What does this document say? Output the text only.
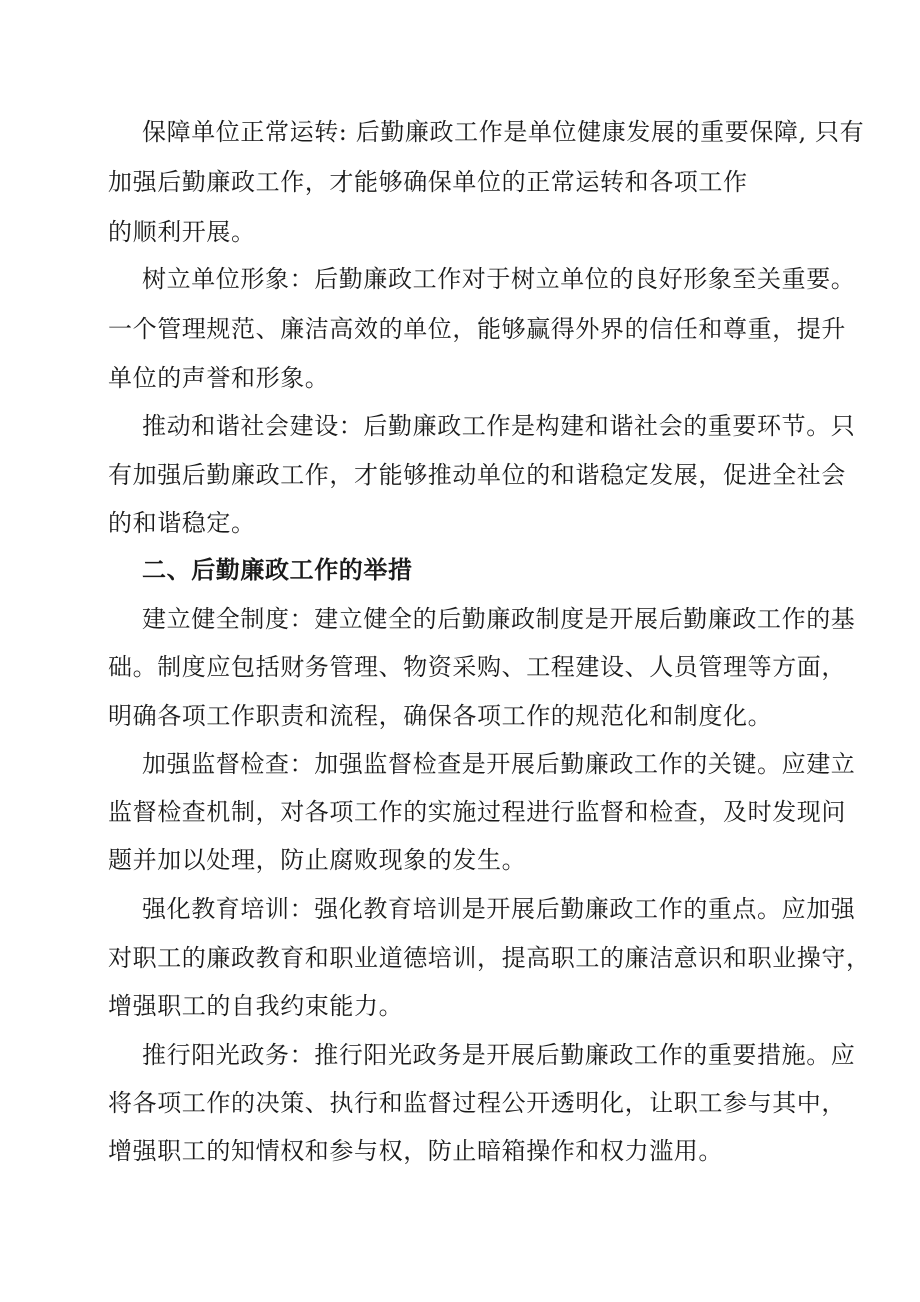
保障单位正常运转: 后勤廉政工作是单位健康发展的重要保障, 只有
加强后勤廉政工作，才能够确保单位的正常运转和各项工作
的顺利开展。
树立单位形象：后勤廉政工作对于树立单位的良好形象至关重要。
一个管理规范、廉洁高效的单位，能够赢得外界的信任和尊重，提升
单位的声誉和形象。
推动和谐社会建设：后勤廉政工作是构建和谐社会的重要环节。只
有加强后勤廉政工作，才能够推动单位的和谐稳定发展，促进全社会
的和谐稳定。
二、后勤廉政工作的举措
建立健全制度：建立健全的后勤廉政制度是开展后勤廉政工作的基
础。制度应包括财务管理、物资采购、工程建设、人员管理等方面，
明确各项工作职责和流程，确保各项工作的规范化和制度化。
加强监督检查：加强监督检查是开展后勤廉政工作的关键。应建立
监督检查机制，对各项工作的实施过程进行监督和检查，及时发现问
题并加以处理，防止腐败现象的发生。
强化教育培训：强化教育培训是开展后勤廉政工作的重点。应加强
对职工的廉政教育和职业道德培训，提高职工的廉洁意识和职业操守，
增强职工的自我约束能力。
推行阳光政务：推行阳光政务是开展后勤廉政工作的重要措施。应
将各项工作的决策、执行和监督过程公开透明化，让职工参与其中，
增强职工的知情权和参与权，防止暗箱操作和权力滥用。
